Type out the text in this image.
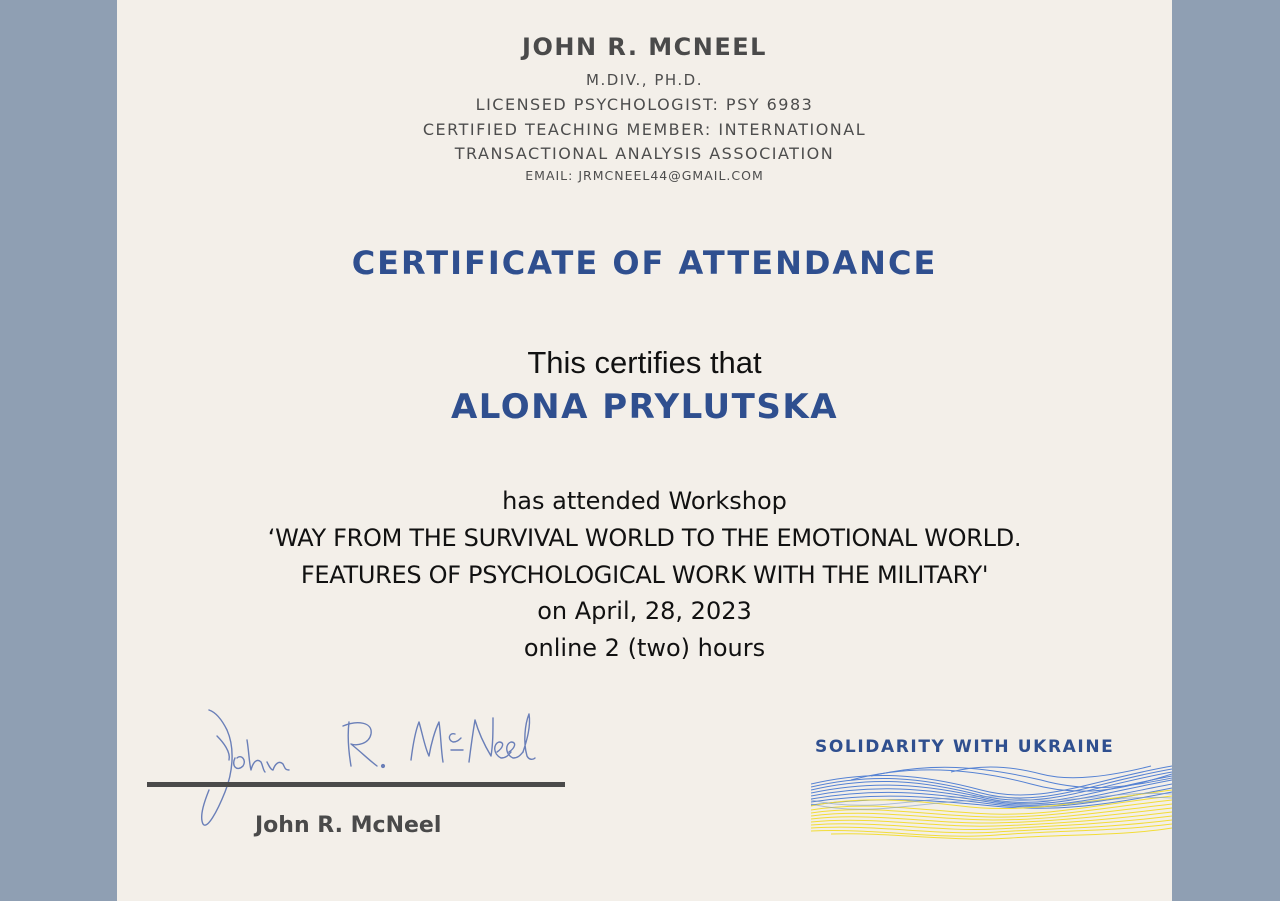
JOHN R. MCNEEL
M.DIV., PH.D.
LICENSED PSYCHOLOGIST: PSY 6983
CERTIFIED TEACHING MEMBER: INTERNATIONAL
TRANSACTIONAL ANALYSIS ASSOCIATION
EMAIL: JRMCNEEL44@GMAIL.COM
CERTIFICATE OF ATTENDANCE
This certifies that
ALONA PRYLUTSKA
has attended Workshop
‘WAY FROM THE SURVIVAL WORLD TO THE EMOTIONAL WORLD.
FEATURES OF PSYCHOLOGICAL WORK WITH THE MILITARY'
on April, 28, 2023
online 2 (two) hours
John R. McNeel
SOLIDARITY WITH UKRAINE
